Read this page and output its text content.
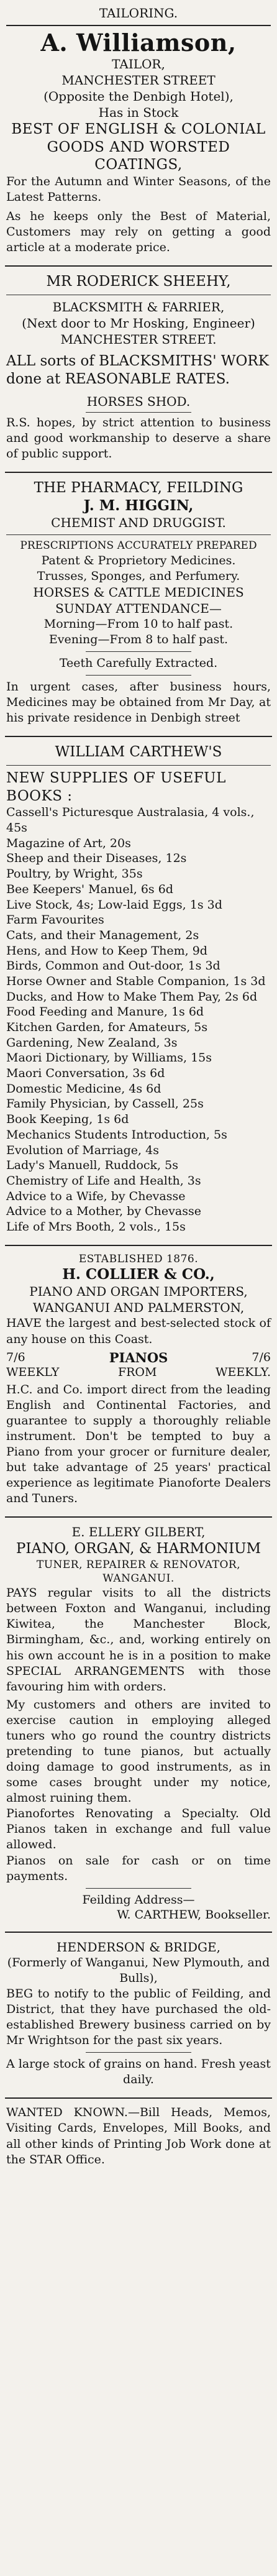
TAILORING.
A. Williamson,
TAILOR,
MANCHESTER STREET
(Opposite the Denbigh Hotel),
Has in Stock
BEST OF ENGLISH & COLONIAL GOODS AND WORSTED COATINGS,
For the Autumn and Winter Seasons, of the Latest Patterns.
As he keeps only the Best of Material, Customers may rely on getting a good article at a moderate price.
MR RODERICK SHEEHY,
BLACKSMITH & FARRIER,
(Next door to Mr Hosking, Engineer)
MANCHESTER STREET.
ALL sorts of BLACKSMITHS' WORK done at REASONABLE RATES.
HORSES SHOD.
R.S. hopes, by strict attention to business and good workmanship to deserve a share of public support.
THE PHARMACY, FEILDING
J. M. HIGGIN,
CHEMIST AND DRUGGIST.
PRESCRIPTIONS ACCURATELY PREPARED
Patent & Proprietory Medicines.
Trusses, Sponges, and Perfumery.
HORSES & CATTLE MEDICINES
SUNDAY ATTENDANCE—
Morning—From 10 to half past.
Evening—From 8 to half past.
Teeth Carefully Extracted.
In urgent cases, after business hours, Medicines may be obtained from Mr Day, at his private residence in Denbigh street
WILLIAM CARTHEW'S
NEW SUPPLIES OF USEFUL BOOKS :
Cassell's Picturesque Australasia, 4 vols., 45s
Magazine of Art, 20s
Sheep and their Diseases, 12s
Poultry, by Wright, 35s
Bee Keepers' Manuel, 6s 6d
Live Stock, 4s; Low-laid Eggs, 1s 3d
Farm Favourites
Cats, and their Management, 2s
Hens, and How to Keep Them, 9d
Birds, Common and Out-door, 1s 3d
Horse Owner and Stable Companion, 1s 3d
Ducks, and How to Make Them Pay, 2s 6d
Food Feeding and Manure, 1s 6d
Kitchen Garden, for Amateurs, 5s
Gardening, New Zealand, 3s
Maori Dictionary, by Williams, 15s
Maori Conversation, 3s 6d
Domestic Medicine, 4s 6d
Family Physician, by Cassell, 25s
Book Keeping, 1s 6d
Mechanics Students Introduction, 5s
Evolution of Marriage, 4s
Lady's Manuell, Ruddock, 5s
Chemistry of Life and Health, 3s
Advice to a Wife, by Chevasse
Advice to a Mother, by Chevasse
Life of Mrs Booth, 2 vols., 15s
ESTABLISHED 1876.
H. COLLIER & CO.,
PIANO AND ORGAN IMPORTERS,
WANGANUI AND PALMERSTON,
HAVE the largest and best-selected stock of any house on this Coast.
7/6	PIANOS	7/6
WEEKLY	FROM	WEEKLY.
H.C. and Co. import direct from the leading English and Continental Factories, and guarantee to supply a thoroughly reliable instrument. Don't be tempted to buy a Piano from your grocer or furniture dealer, but take advantage of 25 years' practical experience as legitimate Pianoforte Dealers and Tuners.
E. ELLERY GILBERT,
PIANO, ORGAN, & HARMONIUM
TUNER, REPAIRER & RENOVATOR,
WANGANUI.
PAYS regular visits to all the districts between Foxton and Wanganui, including Kiwitea, the Manchester Block, Birmingham, &c., and, working entirely on his own account he is in a position to make SPECIAL ARRANGEMENTS with those favouring him with orders.
My customers and others are invited to exercise caution in employing alleged tuners who go round the country districts pretending to tune pianos, but actually doing damage to good instruments, as in some cases brought under my notice, almost ruining them.
Pianofortes Renovating a Specialty. Old Pianos taken in exchange and full value allowed.
Pianos on sale for cash or on time payments.
Feilding Address—
W. CARTHEW, Bookseller.
HENDERSON & BRIDGE,
(Formerly of Wanganui, New Plymouth, and Bulls),
BEG to notify to the public of Feilding, and District, that they have purchased the old-established Brewery business carried on by Mr Wrightson for the past six years.
A large stock of grains on hand. Fresh yeast daily.
WANTED KNOWN.—Bill Heads, Memos, Visiting Cards, Envelopes, Mill Books, and all other kinds of Printing Job Work done at the STAR Office.
